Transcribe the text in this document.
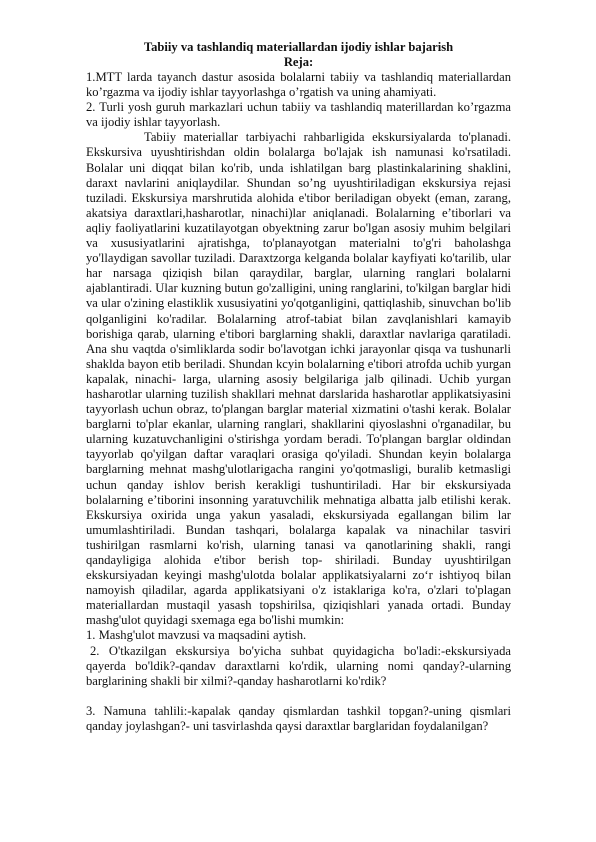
Tabiiy va tashlandiq materiallardan ijodiy ishlar bajarish
Reja:

1.MTT larda tayanch dastur asosida bolalarni tabiiy va tashlandiq materiallardan ko’rgazma va ijodiy ishlar tayyorlashga o’rgatish va uning ahamiyati.

2. Turli yosh guruh markazlari uchun tabiiy va tashlandiq materillardan ko’rgazma va ijodiy ishlar tayyorlash.

Tabiiy materiallar tarbiyachi rahbarligida ekskursiyalarda to'planadi. Ekskursiva uyushtirishdan oldin bolalarga bo'lajak ish namunasi ko'rsatiladi. Bolalar uni diqqat bilan ko'rib, unda ishlatilgan barg plastinkalarining shaklini, daraxt navlarini aniqlaydilar. Shundan so’ng uyushtiriladigan ekskursiya rejasi tuziladi. Ekskursiya marshrutida alohida e'tibor beriladigan obyekt (eman, zarang, akatsiya daraxtlari,hasharotlar, ninachi)lar aniqlanadi. Bolalarning e’tiborlari va aqliy faoliyatlarini kuzatilayotgan obyektning zarur bo'lgan asosiy muhim belgilari va xususiyatlarini ajratishga, to'planayotgan materialni to'g'ri baholashga yo'llaydigan savollar tuziladi. Daraxtzorga kelganda bolalar kayfiyati ko'tarilib, ular har narsaga qiziqish bilan qaraydilar, barglar, ularning ranglari bolalarni ajablantiradi. Ular kuzning butun go'zalligini, uning ranglarini, to'kilgan barglar hidi va ular o'zining elastiklik xususiyatini yo'qotganligini, qattiqlashib, sinuvchan bo'lib qolganligini ko'radilar. Bolalarning atrof-tabiat bilan zavqlanishlari kamayib borishiga qarab, ularning e'tibori barglarning shakli, daraxtlar navlariga qaratiladi. Ana shu vaqtda o'simliklarda sodir bo'lavotgan ichki jarayonlar qisqa va tushunarli shaklda bayon etib beriladi. Shundan kcyin bolalarning e'tibori atrofda uchib yurgan kapalak, ninachi- larga, ularning asosiy belgilariga jalb qilinadi. Uchib yurgan hasharotlar ularning tuzilish shakllari mehnat darslarida hasharotlar applikatsiyasini tayyorlash uchun obraz, to'plangan barglar material xizmatini o'tashi kerak. Bolalar barglarni to'plar ekanlar, ularning ranglari, shakllarini qiyoslashni o'rganadilar, bu ularning kuzatuvchanligini o'stirishga yordam beradi. To'plangan barglar oldindan tayyorlab qo'yilgan daftar varaqlari orasiga qo'yiladi. Shundan keyin bolalarga barglarning mehnat mashg'ulotlarigacha rangini yo'qotmasligi, buralib ketmasligi uchun qanday ishlov berish kerakligi tushuntiriladi. Har bir ekskursiyada bolalarning e’tiborini insonning yaratuvchilik mehnatiga albatta jalb etilishi kerak. Ekskursiya oxirida unga yakun yasaladi, ekskursiyada egallangan bilim lar umumlashtiriladi. Bundan tashqari, bolalarga kapalak va ninachilar tasviri tushirilgan rasmlarni ko'rish, ularning tanasi va qanotlarining shakli, rangi qandayligiga alohida e'tibor berish top- shiriladi. Bunday uyushtirilgan ekskursiyadan keyingi mashg'ulotda bolalar applikatsiyalarni zo‘r ishtiyoq bilan namoyish qiladilar, agarda applikatsiyani o'z istaklariga ko'ra, o'zlari to'plagan materiallardan mustaqil yasash topshirilsa, qiziqishlari yanada ortadi. Bunday mashg'ulot quyidagi sxemaga ega bo'lishi mumkin:

1. Mashg'ulot mavzusi va maqsadini aytish.

2. O'tkazilgan ekskursiya bo'yicha suhbat quyidagicha bo'ladi:-ekskursiyada qayerda bo'ldik?-qandav daraxtlarni ko'rdik, ularning nomi qanday?-ularning barglarining shakli bir xilmi?-qanday hasharotlarni ko'rdik?

3. Namuna tahlili:-kapalak qanday qismlardan tashkil topgan?-uning qismlari qanday joylashgan?- uni tasvirlashda qaysi daraxtlar barglaridan foydalanilgan?
